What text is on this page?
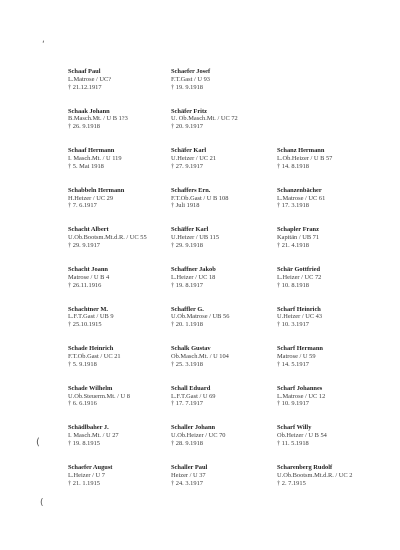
‘
(
(
Schaaf Paul
L.Matrose / UC?
† 21.12.1917
Schaefer Josef
F.T.Gast / U 93
† 19. 9.1918
Schaak Johann
B.Masch.Mt. / U B 1?3
† 26. 9.1918
Schäfer Fritz
U. Ob.Masch.Mt. / UC 72
† 20. 9.1917
Schaaf Hermann
I. Masch.Mt. / U 119
† 5. Mai 1918
Schäfer Karl
U.Heizer / UC 21
† 27. 9.1917
Schanz Hermann
L.Ob.Heizer / U B 57
† 14. 8.1918
Schabbeln Hermann
H.Heizer / UC 29
† 7. 6.1917
Schaffers Ern.
F.T.Ob.Gast / U B 108
† Juli 1918
Schanzenbächer
L.Matrose / UC 61
† 17. 3.1918
Schacht Albert
U.Ob.Bootsm.Mt.d.R. / UC 55
† 29. 9.1917
Schäffer Karl
U.Heizer / UB 115
† 29. 9.1918
Schapler Franz
Kapitän / UB 71
† 21. 4.1918
Schacht Joann
Matrose / U B 4
† 26.11.1916
Schaffner Jakob
L.Heizer / UC 18
† 19. 8.1917
Schär Gottfried
L.Heizer / UC 72
† 10. 8.1918
Schachtner M.
L.F.T.Gast / UB 9
† 25.10.1915
Schaffler G.
U.Ob.Matrose / UB 56
† 20. 1.1918
Scharf Heinrich
U.Heizer / UC 43
† 10. 3.1917
Schade Heinrich
F.T.Ob.Gast / UC 21
† 5. 9.1918
Schalk Gustav
Ob.Masch.Mt. / U 104
† 25. 3.1918
Scharf Hermann
Matrose / U 59
† 14. 5.1917
Schade Wilhelm
U.Ob.Steuerm.Mt. / U 8
† 6. 6.1916
Schall Eduard
L.F.T.Gast / U 69
† 17. 7.1917
Scharf Johannes
L.Matrose / UC 12
† 10. 9.1917
Schädlbaher J.
I. Masch.Mt. / U 27
† 19. 8.1915
Schaller Johann
U.Ob.Heizer / UC 70
† 28. 9.1918
Scharf Willy
Ob.Heizer / U B 54
† 11. 5.1918
Schaefer August
L.Heizer / U 7
† 21. 1.1915
Schaller Paul
Heizer / U 37
† 24. 3.1917
Scharenberg Rudolf
U.Ob.Bootsm.Mt.d.R. / UC 2
† 2. 7.1915
